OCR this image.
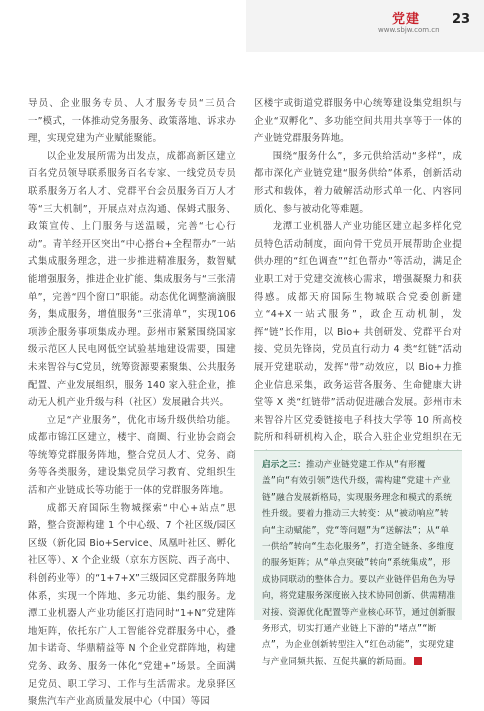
党建
www.sbjw.com.cn
23

导员、企业服务专员、人才服务专员“三员合一”模式，一体推动党务服务、政策落地、诉求办理，实现党建为产业赋能聚能。

以企业发展所需为出发点，成都高新区建立百名党员领导联系服务百名专家、一线党员专员联系服务万名人才、党群平台会员服务百万人才等“三大机制”，开展点对点沟通、保姆式服务、政策宣传、上门服务与送温暖，完善“七心行动”。青羊经开区突出“中心搭台+全程帮办”一站式集成服务理念，进一步推进精准服务，数智赋能增强服务，推进企业扩能、集成服务与“三张清单”，完善“四个窗口”职能。动态优化调整滴滴服务，集成服务，增值服务“三张清单”，实现106 项涉企服务事项集成办理。彭州市紧紧围绕国家级示范区人民电网低空试验基地建设需要，围建未来智谷与C党员，统筹资源要素聚集、公共服务配置、产业发展组织，服务 140 家入驻企业，推动无人机产业升级与科（社区）发展融合共兴。

立足“产业服务”，优化市场升级供给功能。成都市锦江区建立，楼宇、商圈、行业协会商会等统筹党群服务阵地，整合党员人才、党务、商务等各类服务，建设集党员学习教育、党组织生活和产业链成长等功能于一体的党群服务阵地。

成都天府国际生物城探索“中心+站点”思路，整合资源构建 1 个中心级、7 个社区级/园区区级（新化园 Bio+Service、凤凰叶社区、孵化社区等）、X 个企业级（京东方医院、西子高中、科创药业等）的“1+7+X”三级园区党群服务阵地体系，实现一个阵地、多元功能、集约服务。龙潭工业机器人产业功能区打造同时“1+N”党建阵地矩阵，依托东广人工智能谷党群服务中心，叠加卡诺奇、华鼎精益等 N 个企业党群阵地，构建党务、政务、服务一体化“党建+”场景。全面满足党员、职工学习、工作与生活需求。龙泉驿区聚焦汽车产业高质量发展中心（中国）等园

区楼宇或街道党群服务中心统筹建设集党组织与企业“双孵化”、多功能空间共用共享等于一体的产业链党群服务阵地。

围绕“服务什么”，多元供给活动“多样”，成都市深化产业链党建“服务供给”体系，创新活动形式和载体，着力破解活动形式单一化、内容同质化、参与被动化等难题。

龙潭工业机器人产业功能区建立起多样化党员特色活动制度，面向骨干党员开展帮助企业提供办理的“红色调查”“红色帮办”等活动，满足企业职工对于党建交流核心需求，增强凝聚力和获得感。成都天府国际生物城联合党委创新建立“4+X一站式服务”，政企互动机制，发挥“链”长作用，以 Bio+ 共创研发、党群平台对接、党员先锋岗，党员直行动力 4 类“红链”活动展开党建联动，发挥“带”动效应，以 Bio+力推企业信息采集，政务运营各服务、生命健康大讲堂等 X 类“红链带”活动促进融合发展。彭州市未来智谷片区党委链接电子科技大学等 10 所高校院所和科研机构入企，联合入驻企业党组织在无

启示之三：推动产业链党建工作从“有形覆盖”向“有效引领”迭代升级，需构建“党建＋产业链”融合发展新格局，实现服务理念和模式的系统性升级。要着力推动三大转变：从“被动响应”转向“主动赋能”，党“等问题”为“送解法”；从“单一供给”转向“生态化服务”，打造全链条、多维度的服务矩阵；从“单点突破”转向“系统集成”，形成协同联动的整体合力。要以产业链伴侣角色为导向，将党建服务深度嵌入技术协同创新、供需精准对接、资源优化配置等产业核心环节，通过创新服务形式，切实打通产业链上下游的“堵点”“断点”，为企业创新转型注入“红色动能”，实现党建与产业同频共振、互促共赢的新局面。
